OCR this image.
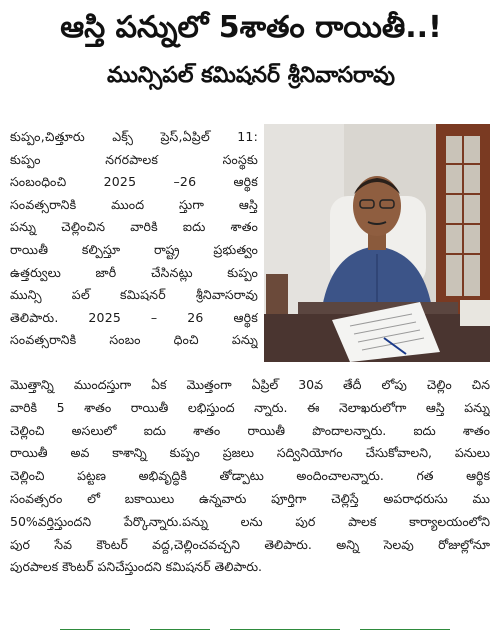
ఆస్తి పన్నులో 5శాతం రాయితీ..!
మున్సిపల్ కమిషనర్ శ్రీనివాసరావు
కుప్పం,చిత్తూరు ఎక్స్ ప్రెస్,ఏప్రిల్ 11:
కుప్పం నగరపాలక సంస్థకు
సంబంధించి 2025 –26 ఆర్థిక
సంవత్సరానికి ముంద స్తుగా ఆస్తి
పన్ను చెల్లించిన వారికి ఐదు శాతం
రాయితీ కల్పిస్తూ రాష్ట్ర ప్రభుత్వం
ఉత్తర్వులు జారీ చేసినట్లు కుప్పం
మున్సి పల్ కమిషనర్ శ్రీనివాసరావు
తెలిపారు. 2025 – 26 ఆర్థిక
సంవత్సరానికి సంబం ధించి పన్ను
మొత్తాన్ని ముందస్తుగా ఏక మొత్తంగా ఏప్రిల్ 30వ తేదీ లోపు చెల్లిం చిన
వారికి 5 శాతం రాయితీ లభిస్తుంద న్నారు. ఈ నెలాఖరులోగా ఆస్తి పన్ను
చెల్లించి అసలులో ఐదు శాతం రాయితీ పొందాలన్నారు. ఐదు శాతం
రాయితీ అవ కాశాన్ని కుప్పం ప్రజలు సద్వినియోగం చేసుకోవాలని, పనులు
చెల్లించి పట్టణ అభివృద్ధికి తోడ్పాటు అందించాలన్నారు. గత ఆర్థిక
సంవత్సరం లో బకాయిలు ఉన్నవారు పూర్తిగా చెల్లిస్తే అపరాధరుసు ము
50%వర్తిస్తుందని పేర్కొన్నారు.పన్ను లను పుర పాలక కార్యాలయంలోని
పుర సేవ కౌంటర్ వద్ద,చెల్లించవచ్చని తెలిపారు. అన్ని సెలవు రోజుల్లోనూ
పురపాలక కౌంటర్ పనిచేస్తుందని కమిషనర్ తెలిపారు.
